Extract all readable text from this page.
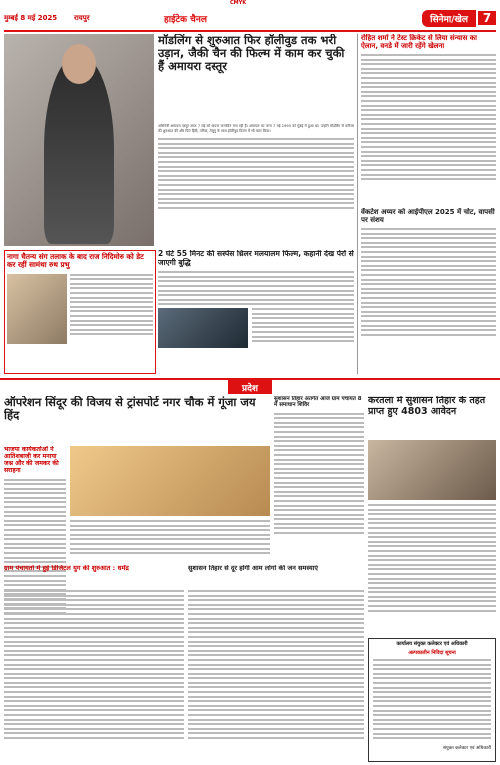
CMYK
मुम्बई 8 मई 2025	रायपुर	हाईटेक चैनल	सिनेमा/खेल	7
मॉडलिंग से शुरुआत फिर हॉलीवुड तक भरी उड़ान, जैकी चैन की फिल्म में काम कर चुकी हैं अमायरा दस्तूर
अभिनेत्री अमायरा दस्तूर आज 7 मई को अपना जन्मदिन मना रही हैं। अमायरा का जन्म 7 मई 1993 को मुंबई में हुआ था। उन्होंने मॉडलिंग से करियर की शुरुआत की और फिर हिंदी, तमिल, तेलुगु के साथ हॉलीवुड फिल्म में भी काम किया।
रोहित शर्मा ने टेस्ट क्रिकेट से लिया संन्यास का ऐलान, वनडे में जारी रहेंगे खेलना
वेंकटेश अय्यर को आईपीएल 2025 में चोट, वापसी पर संशय
नागा चैतन्य संग तलाक के बाद राज निदिमोरु को डेट कर रहीं सामंथा रुथ प्रभु
2 घंटे 55 मिनट की सस्पेंस थ्रिलर मलयालम फिल्म, कहानी देख पेरों से जाएगी बुद्धि
प्रदेश
ऑपरेशन सिंदूर की विजय से ट्रांसपोर्ट नगर चौक में गूंजा जय हिंद
भाजपा कार्यकर्ताओं ने आतिशबाजी कर मनाया जश्न और की जमकर की सराहना
सुशासन तिहार अंतर्गत आज ग्राम पंचायत 8 में समाधान शिविर	करतला में सुशासन तिहार के तहत प्राप्त हुए 4803 आवेदन
ग्राम पंचायतों में हुई डिजिटल युग की शुरुआत : धर्मेंद्र	सुशासन तिहार से दूर होंगी आम लोगों की जन समस्याएं
कार्यालय संयुक्त कलेक्टर एवं अधिकारी
अल्पकालीन निविदा सूचना
संयुक्त कलेक्टर एवं अधिकारी
